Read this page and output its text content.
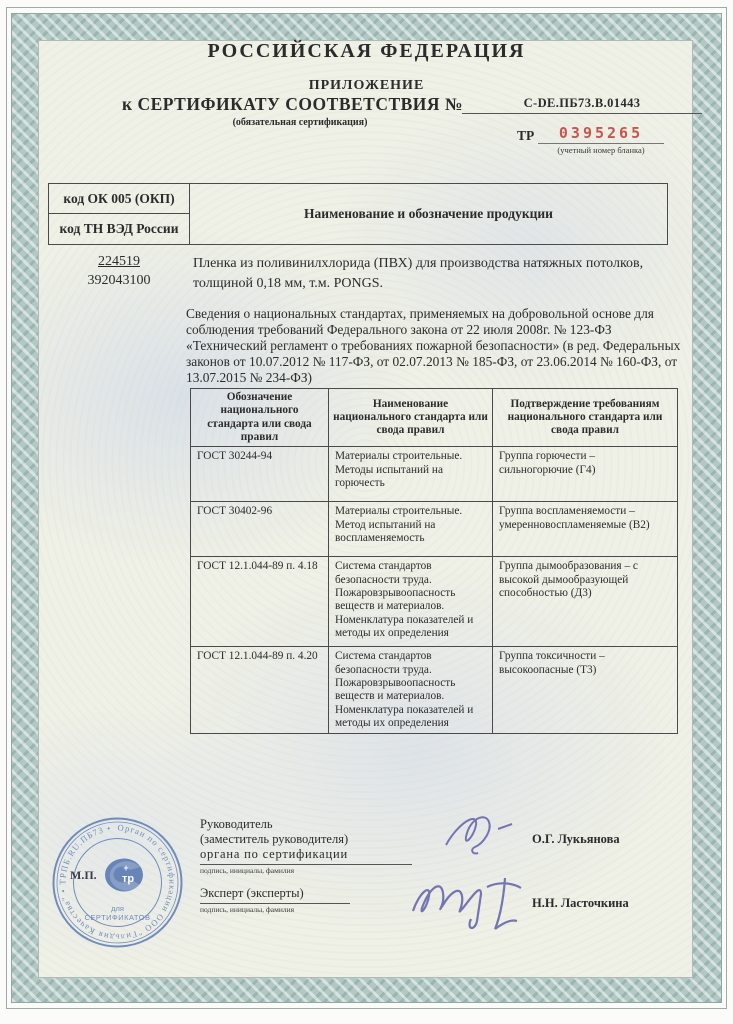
РОССИЙСКАЯ ФЕДЕРАЦИЯ
ПРИЛОЖЕНИЕ
к СЕРТИФИКАТУ СООТВЕТСТВИЯ №	С-DE.ПБ73.В.01443
(обязательная сертификация)
ТР	0395265
(учетный номер бланка)
код ОК 005 (ОКП)
код ТН ВЭД России
Наименование и обозначение продукции
224519
392043100
Пленка из поливинилхлорида (ПВХ) для производства натяжных потолков, толщиной 0,18 мм, т.м. PONGS.
Сведения о национальных стандартах, применяемых на добровольной основе для соблюдения требований Федерального закона от 22 июля 2008г. № 123-ФЗ «Технический регламент о требованиях пожарной безопасности» (в ред. Федеральных законов от 10.07.2012 № 117-ФЗ, от 02.07.2013 № 185-ФЗ, от 23.06.2014 № 160-ФЗ, от 13.07.2015 № 234-ФЗ)
Обозначение национального стандарта или свода правил	Наименование национального стандарта или свода правил	Подтверждение требованиям национального стандарта или свода правил
ГОСТ 30244-94	Материалы строительные. Методы испытаний на горючесть	Группа горючести – сильногорючие (Г4)
ГОСТ 30402-96	Материалы строительные. Метод испытаний на воспламеняемость	Группа воспламеняемости – умеренновоспламеняемые (В2)
ГОСТ 12.1.044-89 п. 4.18	Система стандартов безопасности труда. Пожаровзрывоопасность веществ и материалов. Номенклатура показателей и методы их определения	Группа дымообразования – с высокой дымообразующей способностью (Д3)
ГОСТ 12.1.044-89 п. 4.20	Система стандартов безопасности труда. Пожаровзрывоопасность веществ и материалов. Номенклатура показателей и методы их определения	Группа токсичности – высокоопасные (Т3)
Руководитель
(заместитель руководителя)
органа по сертификации
подпись, инициалы, фамилия
Эксперт (эксперты)
подпись, инициалы, фамилия
О.Г. Лукьянова
Н.Н. Ласточкина
М.П.
Орган по сертификации ООО "Гильдия Качества" • ТРПБ.RU.ПБ73 •
+
тр
для
СЕРТИФИКАТОВ
